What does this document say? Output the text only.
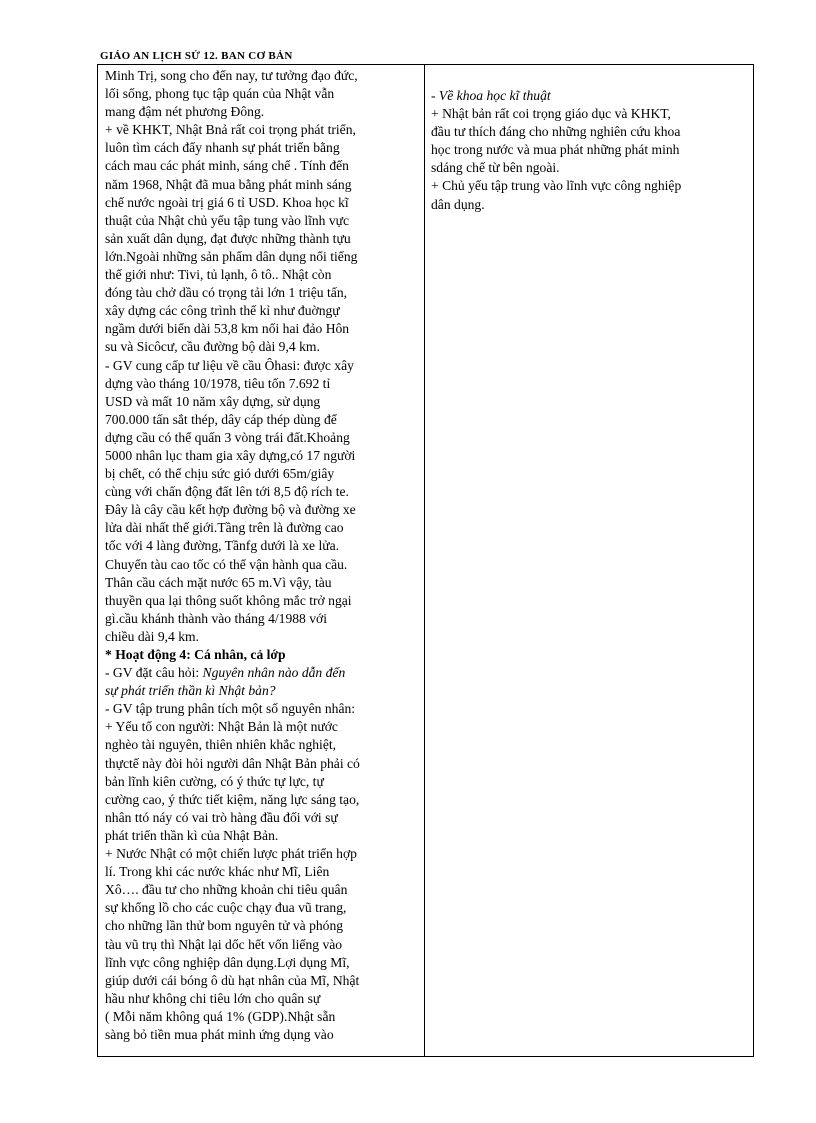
GIÁO AN LỊCH SỬ 12. BAN CƠ BẢN
Minh Trị, song cho đến nay, tư tưởng đạo đức,
lối sống, phong tục tập quán của Nhật vẫn
mang đậm nét phương Đông.
+ về KHKT, Nhật Bnả rất coi trọng phát triển,
luôn tìm cách đẩy nhanh sự phát triển bằng
cách mau các phát minh, sáng chế . Tính đến
năm 1968, Nhật đã mua bằng phát minh sáng
chế nước ngoài trị giá 6 tỉ USD. Khoa học kĩ
thuật của Nhật chủ yếu tập tung vào lĩnh vực
sản xuất dân dụng, đạt được những thành tựu
lớn.Ngoài những sản phẩm dân dụng nổi tiếng
thế giới như: Tivi, tủ lạnh, ô tô.. Nhật còn
đóng tàu chở dầu có trọng tải lớn 1 triệu tấn,
xây dựng các công trình thế kỉ như đuờngự
ngầm dưới biển dài 53,8 km nối hai đảo Hôn
su và Sicôcư, cầu đường bộ dài 9,4 km.
- GV cung cấp tư liệu về cầu Ôhasi: được xây
dựng vào tháng 10/1978, tiêu tốn 7.692 tỉ
USD và mất 10 năm xây dựng, sử dụng
700.000 tấn sắt thép, dây cáp thép dùng để
dựng cầu có thể quấn 3 vòng trái đất.Khoảng
5000 nhân lục tham gia xây dựng,có 17 người
bị chết, có thể chịu sức gió dưới 65m/giây
cùng với chấn động đất lên tới 8,5 độ rích te.
Đây là cây cầu kết hợp đường bộ và đường xe
lửa dài nhất thế giới.Tầng trên là đường cao
tốc với 4 làng đường, Tầnfg dưới là xe lửa.
Chuyến tàu cao tốc có thể vận hành qua cầu.
Thân cầu cách mặt nước 65 m.Vì vậy, tàu
thuyền qua lại thông suốt không mắc trở ngại
gì.cầu khánh thành vào tháng 4/1988 với
chiều dài 9,4 km.
* Hoạt động 4: Cá nhân, cả lớp
- GV đặt câu hỏi: Nguyên nhân nào dẫn đến
sự phát triển thần kì Nhật bản?
- GV tập trung phân tích một số nguyên nhân:
+ Yếu tố con người: Nhật Bản là một nước
nghèo tài nguyên, thiên nhiên khắc nghiệt,
thựctế này đòi hỏi người dân Nhật Bản phải có
bản lĩnh kiên cường, có ý thức tự lực, tự
cường cao, ý thức tiết kiệm, năng lực sáng tạo,
nhân ttó náy có vai trò hàng đầu đối với sự
phát triển thần kì của Nhật Bản.
+ Nước Nhật có một chiến lược phát triển hợp
lí. Trong khi các nước khác như Mĩ, Liên
Xô…. đầu tư cho những khoản chi tiêu quân
sự khổng lồ cho các cuộc chạy đua vũ trang,
cho những lần thử bom nguyên tử và phóng
tàu vũ trụ thì Nhật lại dốc hết vốn liếng vào
lĩnh vực công nghiệp dân dụng.Lợi dụng Mĩ,
giúp dưới cái bóng ô dù hạt nhân của Mĩ, Nhật
hầu như không chi tiêu lớn cho quân sự
( Mỗi năm không quá 1% (GDP).Nhật sẵn
sàng bỏ tiền mua phát minh ứng dụng vào
- Về khoa học kĩ thuật
+ Nhật bản rất coi trọng giáo dục và KHKT,
đầu tư thích đáng cho những nghiên cứu khoa
học trong nước và mua phát những phát minh
sdáng chế từ bên ngoài.
+ Chủ yếu tập trung vào lĩnh vực công nghiệp
dân dụng.
